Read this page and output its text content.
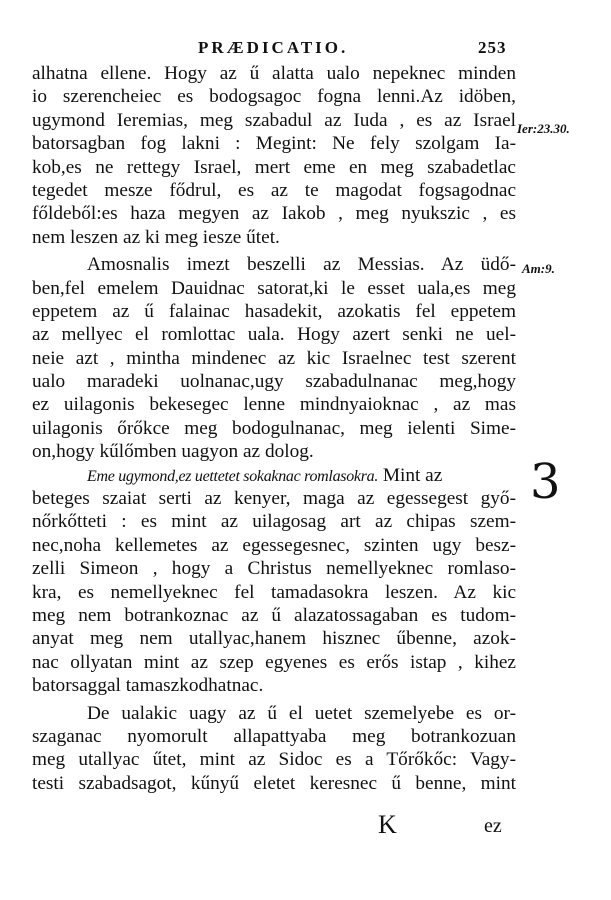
PRÆDICATIO.	253
alhatna ellene. Hogy az ű alatta ualo nepeknec minden
io szerencheiec es bodogsagoc fogna lenni.Az idöben,
ugymond Ieremias, meg szabadul az Iuda , es az Israel
batorsagban fog lakni : Megint: Ne fely szolgam Ia-
kob,es ne rettegy Israel, mert eme en meg szabadetlac
tegedet mesze fődrul, es az te magodat fogsagodnac
főldeből:es haza megyen az Iakob , meg nyukszic , es
nem leszen az ki meg iesze űtet.
Amosnalis imezt beszelli az Messias. Az üdő-
ben,fel emelem Dauidnac satorat,ki le esset uala,es meg
eppetem az ű falainac hasadekit, azokatis fel eppetem
az mellyec el romlottac uala. Hogy azert senki ne uel-
neie azt , mintha mindenec az kic Israelnec test szerent
ualo maradeki uolnanac,ugy szabadulnanac meg,hogy
ez uilagonis bekesegec lenne mindnyaioknac , az mas
uilagonis őrőkce meg bodogulnanac, meg ielenti Sime-
on,hogy kűlőmben uagyon az dolog.
Eme ugymond,ez uettetet sokaknac romlasokra. Mint az
beteges szaiat serti az kenyer, maga az egessegest győ-
nőrkőtteti : es mint az uilagosag art az chipas szem-
nec,noha kellemetes az egessegesnec, szinten ugy besz-
zelli Simeon , hogy a Christus nemellyeknec romlaso-
kra, es nemellyeknec fel tamadasokra leszen. Az kic
meg nem botrankoznac az ű alazatossagaban es tudom-
anyat meg nem utallyac,hanem hisznec űbenne, azok-
nac ollyatan mint az szep egyenes es erős istap , kihez
batorsaggal tamaszkodhatnac.
De ualakic uagy az ű el uetet szemelyebe es or-
szaganac nyomorult allapattyaba meg botrankozuan
meg utallyac űtet, mint az Sidoc es a Tőrőkőc: Vagy-
testi szabadsagot, kűnyű eletet keresnec ű benne, mint
Ier:23.30.
Am:9.
3
K	ez
